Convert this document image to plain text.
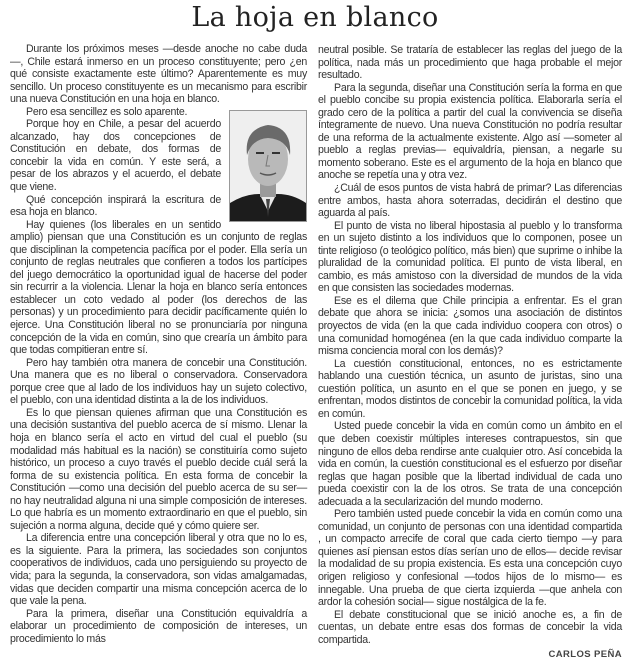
La hoja en blanco

Durante los próximos meses —desde anoche no cabe duda—, Chile estará inmerso en un proceso constituyente; pero ¿en qué consiste exactamente este último? Aparentemente es muy sencillo. Un proceso constituyente es un mecanismo para escribir una nueva Constitución en una hoja en blanco.

Pero esa sencillez es solo aparente.

Porque hoy en Chile, a pesar del acuerdo alcanzado, hay dos concepciones de Constitución en debate, dos formas de concebir la vida en común. Y este será, a pesar de los abrazos y el acuerdo, el debate que viene.

Qué concepción inspirará la escritura de esa hoja en blanco.

Hay quienes (los liberales en un sentido amplio) piensan que una Constitución es un conjunto de reglas que disciplinan la competencia pacífica por el poder. Ella sería un conjunto de reglas neutrales que confieren a todos los partícipes del juego democrático la oportunidad igual de hacerse del poder sin recurrir a la violencia. Llenar la hoja en blanco sería entonces establecer un coto vedado al poder (los derechos de las personas) y un procedimiento para decidir pacíficamente quién lo ejerce. Una Constitución liberal no se pronunciaría por ninguna concepción de la vida en común, sino que crearía un ámbito para que todas compitieran entre sí.

Pero hay también otra manera de concebir una Constitución. Una manera que es no liberal o conservadora. Conservadora porque cree que al lado de los individuos hay un sujeto colectivo, el pueblo, con una identidad distinta a la de los individuos.

Es lo que piensan quienes afirman que una Constitución es una decisión sustantiva del pueblo acerca de sí mismo. Llenar la hoja en blanco sería el acto en virtud del cual el pueblo (su modalidad más habitual es la nación) se constituiría como sujeto histórico, un proceso a cuyo través el pueblo decide cuál será la forma de su existencia política. En esta forma de concebir la Constitución —como una decisión del pueblo acerca de su ser— no hay neutralidad alguna ni una simple composición de intereses. Lo que habría es un momento extraordinario en que el pueblo, sin sujeción a norma alguna, decide qué y cómo quiere ser.

La diferencia entre una concepción liberal y otra que no lo es, es la siguiente. Para la primera, las sociedades son conjuntos cooperativos de individuos, cada uno persiguiendo su proyecto de vida; para la segunda, la conservadora, son vidas amalgamadas, vidas que deciden compartir una misma concepción acerca de lo que vale la pena.

Para la primera, diseñar una Constitución equivaldría a elaborar un procedimiento de composición de intereses, un procedimiento lo más

neutral posible. Se trataría de establecer las reglas del juego de la política, nada más un procedimiento que haga probable el mejor resultado.

Para la segunda, diseñar una Constitución sería la forma en que el pueblo concibe su propia existencia política. Elaborarla sería el grado cero de la política a partir del cual la convivencia se diseña íntegramente de nuevo. Una nueva Constitución no podría resultar de una reforma de la actualmente existente. Algo así —someter al pueblo a reglas previas— equivaldría, piensan, a negarle su momento soberano. Este es el argumento de la hoja en blanco que anoche se repetía una y otra vez.

¿Cuál de esos puntos de vista habrá de primar? Las diferencias entre ambos, hasta ahora soterradas, decidirán el destino que aguarda al país.

El punto de vista no liberal hipostasia al pueblo y lo transforma en un sujeto distinto a los individuos que lo componen, posee un tinte religioso (o teológico político, más bien) que suprime o inhibe la pluralidad de la comunidad política. El punto de vista liberal, en cambio, es más amistoso con la diversidad de mundos de la vida en que consisten las sociedades modernas.

Ese es el dilema que Chile principia a enfrentar. Es el gran debate que ahora se inicia: ¿somos una asociación de distintos proyectos de vida (en la que cada individuo coopera con otros) o una comunidad homogénea (en la que cada individuo comparte la misma conciencia moral con los demás)?

La cuestión constitucional, entonces, no es estrictamente hablando una cuestión técnica, un asunto de juristas, sino una cuestión política, un asunto en el que se ponen en juego, y se enfrentan, modos distintos de concebir la comunidad política, la vida en común.

Usted puede concebir la vida en común como un ámbito en el que deben coexistir múltiples intereses contrapuestos, sin que ninguno de ellos deba rendirse ante cualquier otro. Así concebida la vida en común, la cuestión constitucional es el esfuerzo por diseñar reglas que hagan posible que la libertad individual de cada uno pueda coexistir con la de los otros. Se trata de una concepción adecuada a la secularización del mundo moderno.

Pero también usted puede concebir la vida en común como una comunidad, un conjunto de personas con una identidad compartida , un compacto arrecife de coral que cada cierto tiempo —y para quienes así piensan estos días serían uno de ellos— decide revisar la modalidad de su propia existencia. Es esta una concepción cuyo origen religioso y confesional —todos hijos de lo mismo— es innegable. Una prueba de que cierta izquierda —que anhela con ardor la cohesión social— sigue nostálgica de la fe.

El debate constitucional que se inició anoche es, a fin de cuentas, un debate entre esas dos formas de concebir la vida compartida.

CARLOS PEÑA
